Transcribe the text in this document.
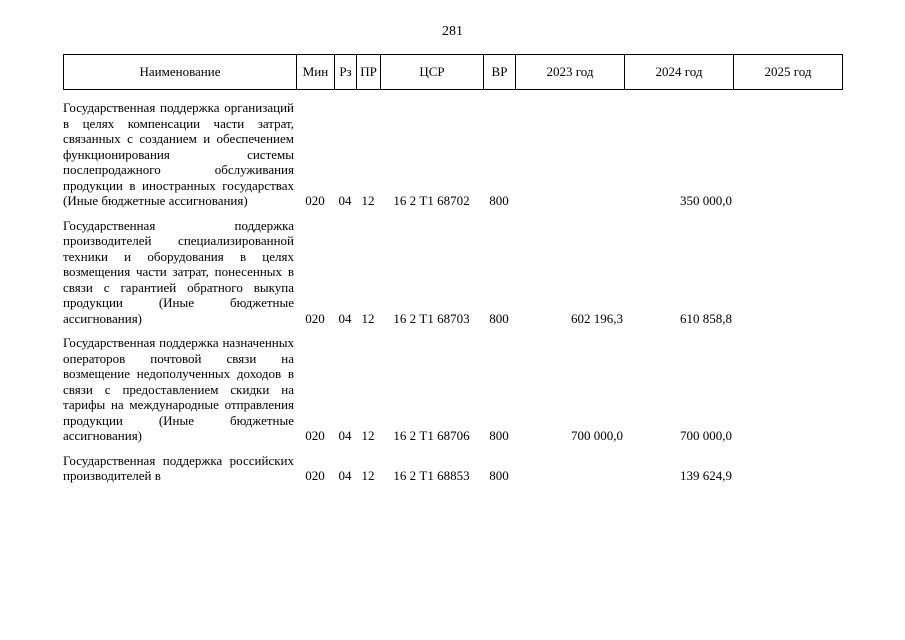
281
Наименование	Мин	Рз	ПР	ЦСР	ВР	2023 год	2024 год	2025 год
Государственная поддержка организаций в целях компенсации части затрат, связанных с созданием и обеспечением функционирования системы послепродажного обслуживания продукции в иностранных государствах (Иные бюджетные ассигнования)	020	04	12	16 2 Т1 68702	800		350 000,0	
Государственная поддержка производителей специализированной техники и оборудования в целях возмещения части затрат, понесенных в связи с гарантией обратного выкупа продукции (Иные бюджетные ассигнования)	020	04	12	16 2 Т1 68703	800	602 196,3	610 858,8	
Государственная поддержка назначенных операторов почтовой связи на возмещение недополученных доходов в связи с предоставлением скидки на тарифы на международные отправления продукции (Иные бюджетные ассигнования)	020	04	12	16 2 Т1 68706	800	700 000,0	700 000,0	
Государственная поддержка российских производителей в	020	04	12	16 2 Т1 68853	800		139 624,9	
